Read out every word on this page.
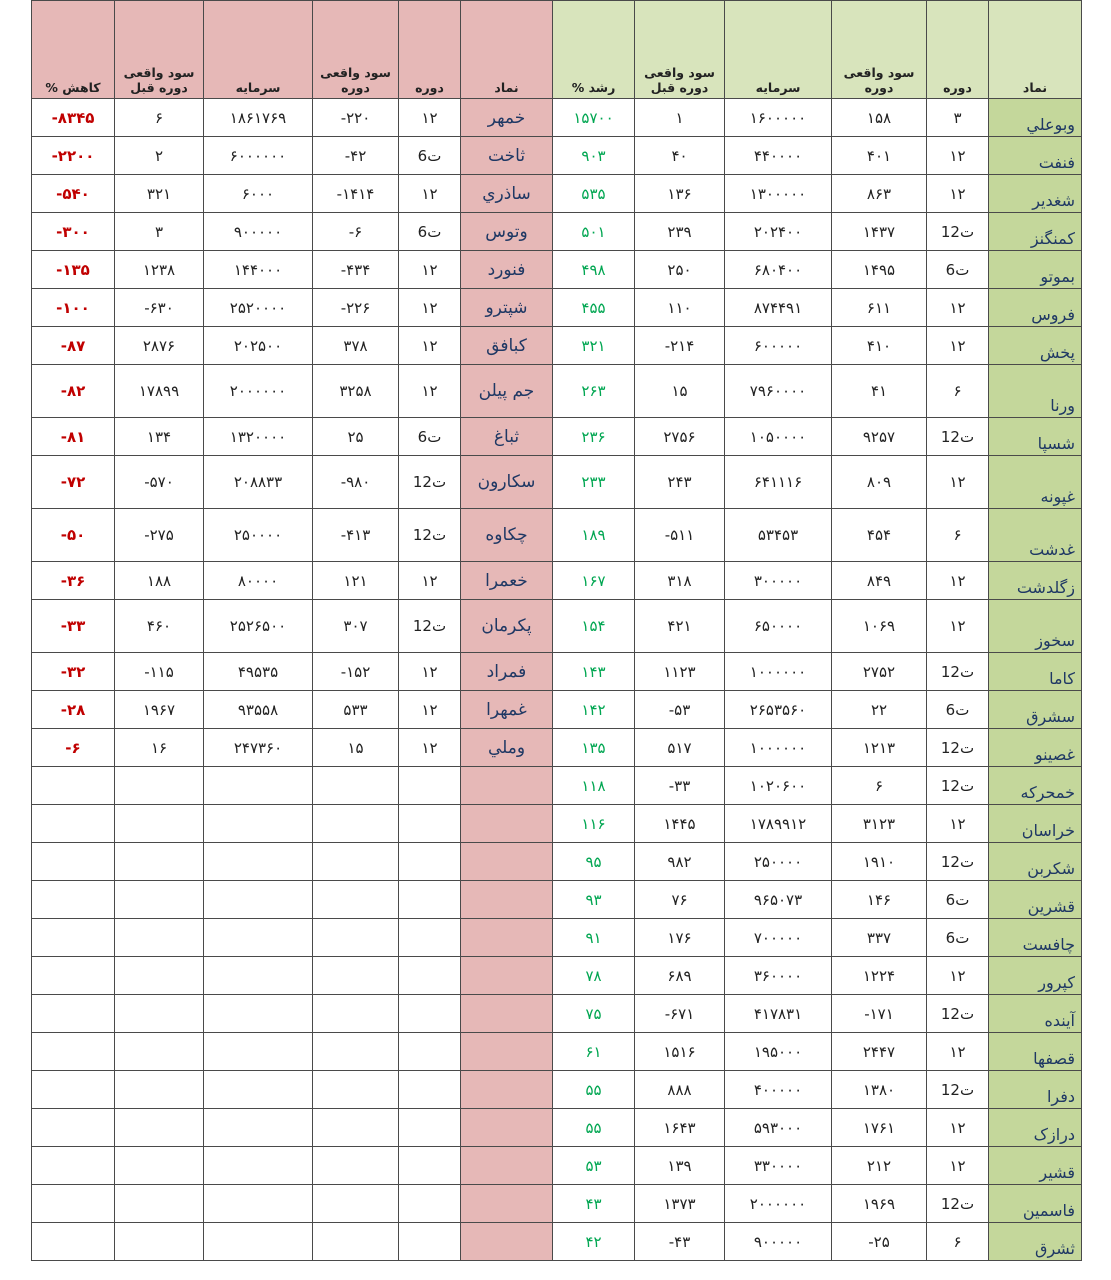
% کاهش	سود واقعی دوره قبل	سرمایه	سود واقعی دوره	دوره	نماد	% رشد	سود واقعی دوره قبل	سرمایه	سود واقعی دوره	دوره	نماد
-۸۳۴۵	۶	۱۸۶۱۷۶۹	-۲۲۰	۱۲	خمهر	۱۵۷۰۰	۱	۱۶۰۰۰۰۰	۱۵۸	۳	وبوعلي
-۲۲۰۰	۲	۶۰۰۰۰۰۰	-۴۲	6ت	ثاخت	۹۰۳	۴۰	۴۴۰۰۰۰	۴۰۱	۱۲	فنفت
-۵۴۰	۳۲۱	۶۰۰۰	-۱۴۱۴	۱۲	ساذري	۵۳۵	۱۳۶	۱۳۰۰۰۰۰	۸۶۳	۱۲	شغدير
-۳۰۰	۳	۹۰۰۰۰۰	-۶	6ت	وتوس	۵۰۱	۲۳۹	۲۰۲۴۰۰	۱۴۳۷	12ت	کمنگنز
-۱۳۵	۱۲۳۸	۱۴۴۰۰۰	-۴۳۴	۱۲	فنورد	۴۹۸	۲۵۰	۶۸۰۴۰۰	۱۴۹۵	6ت	بموتو
-۱۰۰	-۶۳۰	۲۵۲۰۰۰۰	-۲۲۶	۱۲	شپترو	۴۵۵	۱۱۰	۸۷۴۴۹۱	۶۱۱	۱۲	فروس
-۸۷	۲۸۷۶	۲۰۲۵۰۰	۳۷۸	۱۲	کبافق	۳۲۱	-۲۱۴	۶۰۰۰۰۰	۴۱۰	۱۲	پخش
-۸۲	۱۷۸۹۹	۲۰۰۰۰۰۰	۳۲۵۸	۱۲	جم پيلن	۲۶۳	۱۵	۷۹۶۰۰۰۰	۴۱	۶	ورنا
-۸۱	۱۳۴	۱۳۲۰۰۰۰	۲۵	6ت	ثباغ	۲۳۶	۲۷۵۶	۱۰۵۰۰۰۰	۹۲۵۷	12ت	شسپا
-۷۲	-۵۷۰	۲۰۸۸۳۳	-۹۸۰	12ت	سکارون	۲۳۳	۲۴۳	۶۴۱۱۱۶	۸۰۹	۱۲	غپونه
-۵۰	-۲۷۵	۲۵۰۰۰۰	-۴۱۳	12ت	چکاوه	۱۸۹	-۵۱۱	۵۳۴۵۳	۴۵۴	۶	غدشت
-۳۶	۱۸۸	۸۰۰۰۰	۱۲۱	۱۲	خعمرا	۱۶۷	۳۱۸	۳۰۰۰۰۰	۸۴۹	۱۲	زگلدشت
-۳۳	۴۶۰	۲۵۲۶۵۰۰	۳۰۷	12ت	پکرمان	۱۵۴	۴۲۱	۶۵۰۰۰۰	۱۰۶۹	۱۲	سخوز
-۳۲	-۱۱۵	۴۹۵۳۵	-۱۵۲	۱۲	فمراد	۱۴۳	۱۱۲۳	۱۰۰۰۰۰۰	۲۷۵۲	12ت	کاما
-۲۸	۱۹۶۷	۹۳۵۵۸	۵۳۳	۱۲	غمهرا	۱۴۲	-۵۳	۲۶۵۳۵۶۰	۲۲	6ت	سشرق
-۶	۱۶	۲۴۷۳۶۰	۱۵	۱۲	وملي	۱۳۵	۵۱۷	۱۰۰۰۰۰۰	۱۲۱۳	12ت	غصينو
						۱۱۸	-۳۳	۱۰۲۰۶۰۰	۶	12ت	خمحرکه
						۱۱۶	۱۴۴۵	۱۷۸۹۹۱۲	۳۱۲۳	۱۲	خراسان
						۹۵	۹۸۲	۲۵۰۰۰۰	۱۹۱۰	12ت	شکربن
						۹۳	۷۶	۹۶۵۰۷۳	۱۴۶	6ت	قشرين
						۹۱	۱۷۶	۷۰۰۰۰۰	۳۳۷	6ت	چافست
						۷۸	۶۸۹	۳۶۰۰۰۰	۱۲۲۴	۱۲	کپرور
						۷۵	-۶۷۱	۴۱۷۸۳۱	-۱۷۱	12ت	آينده
						۶۱	۱۵۱۶	۱۹۵۰۰۰	۲۴۴۷	۱۲	قصفها
						۵۵	۸۸۸	۴۰۰۰۰۰	۱۳۸۰	12ت	دفرا
						۵۵	۱۶۴۳	۵۹۳۰۰۰	۱۷۶۱	۱۲	درازک
						۵۳	۱۳۹	۳۳۰۰۰۰	۲۱۲	۱۲	قشير
						۴۳	۱۳۷۳	۲۰۰۰۰۰۰	۱۹۶۹	12ت	فاسمين
						۴۲	-۴۳	۹۰۰۰۰۰	-۲۵	۶	ثشرق
